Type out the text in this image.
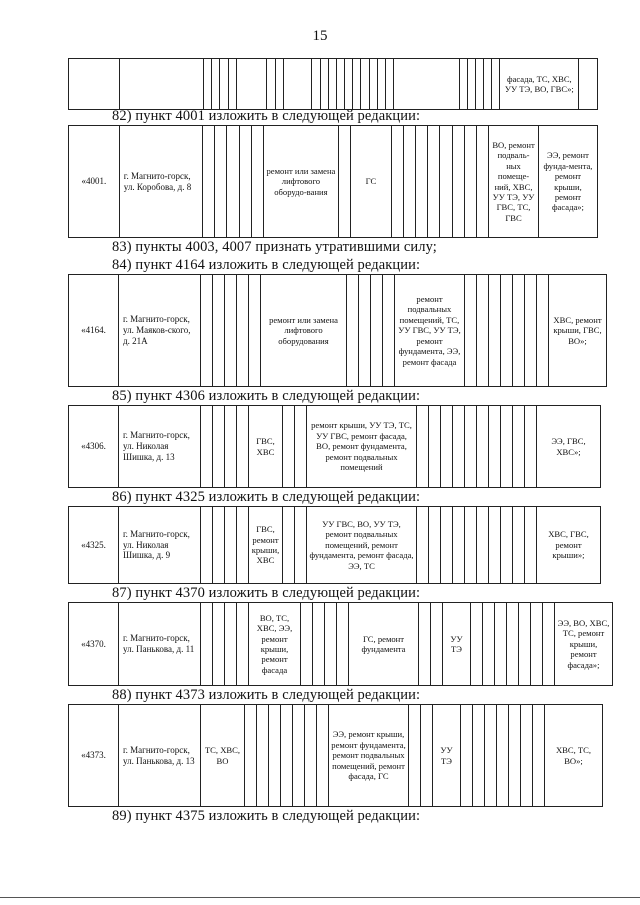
15
																										фасада, ТС, ХВС, УУ ТЭ, ВО, ГВС»;	
82) пункт 4001 изложить в следующей редакции:
«4001.	г. Магнито-горск, ул. Коробова, д. 8						ремонт или замена лифтового оборудо-вания		ГС									ВО, ремонт подваль-ных помеще-ний, ХВС, УУ ТЭ, УУ ГВС, ТС, ГВС	ЭЭ, ремонт фунда-мента, ремонт крыши, ремонт фасада»;
83) пункты 4003, 4007 признать утратившими силу;
84) пункт 4164 изложить в следующей редакции:
«4164.	г. Магнито-горск, ул. Маяков-ского, д. 21А						ремонт или замена лифтового оборудования					ремонт подвальных помещений, ТС, УУ ГВС, УУ ТЭ, ремонт фундамента, ЭЭ, ремонт фасада								ХВС, ремонт крыши, ГВС, ВО»;
85) пункт 4306 изложить в следующей редакции:
«4306.	г. Магнито-горск, ул. Николая Шишка, д. 13					ГВС, ХВС			ремонт крыши, УУ ТЭ, ТС, УУ ГВС, ремонт фасада, ВО, ремонт фундамента, ремонт подвальных помещений											ЭЭ, ГВС, ХВС»;
86) пункт 4325 изложить в следующей редакции:
«4325.	г. Магнито-горск, ул. Николая Шишка, д. 9					ГВС, ремонт крыши, ХВС			УУ ГВС, ВО, УУ ТЭ, ремонт подвальных помещений, ремонт фундамента, ремонт фасада, ЭЭ, ТС											ХВС, ГВС, ремонт крыши»;
87) пункт 4370 изложить в следующей редакции:
«4370.	г. Магнито-горск, ул. Панькова, д. 11					ВО, ТС, ХВС, ЭЭ, ремонт крыши, ремонт фасада					ГС, ремонт фундамента			УУ ТЭ								ЭЭ, ВО, ХВС, ТС, ремонт крыши, ремонт фасада»;
88) пункт 4373 изложить в следующей редакции:
«4373.	г. Магнито-горск, ул. Панькова, д. 13	ТС, ХВС, ВО								ЭЭ, ремонт крыши, ремонт фундамента, ремонт подвальных помещений, ремонт фасада, ГС			УУ ТЭ								ХВС, ТС, ВО»;
89) пункт 4375 изложить в следующей редакции:
